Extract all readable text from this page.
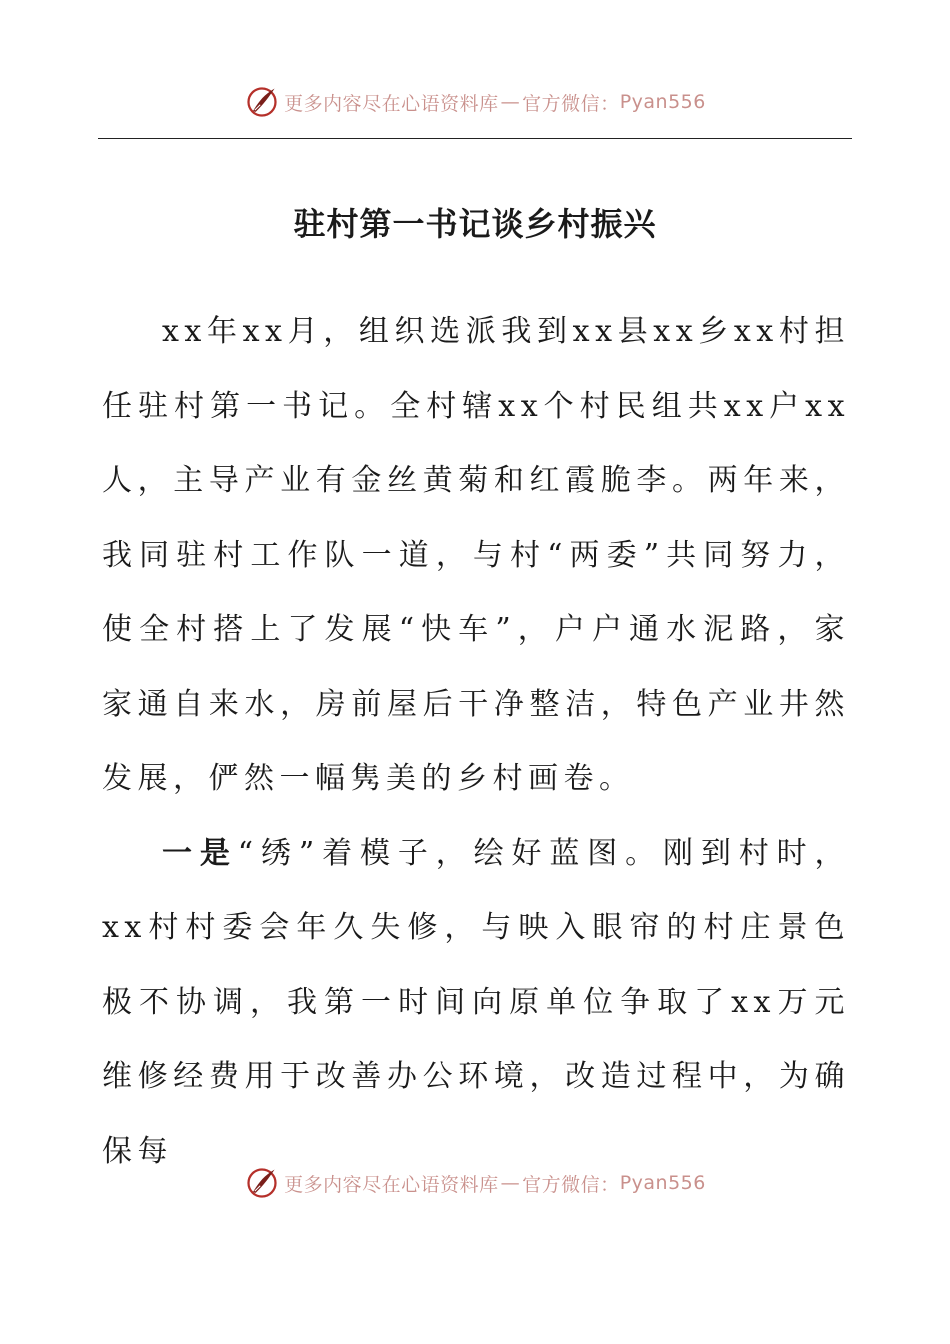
更多内容尽在心语资料库 — 官方微信： Pyan556
驻村第一书记谈乡村振兴

xx年xx月，组织选派我到xx县xx乡xx村担任驻村第一书记。全村辖xx个村民组共xx户xx人，主导产业有金丝黄菊和红霞脆李。两年来，我同驻村工作队一道，与村“两委”共同努力，使全村搭上了发展“快车”，户户通水泥路，家家通自来水，房前屋后干净整洁，特色产业井然发展，俨然一幅隽美的乡村画卷。

一是“绣”着模子，绘好蓝图。刚到村时，xx村村委会年久失修，与映入眼帘的村庄景色极不协调，我第一时间向原单位争取了xx万元维修经费用于改善办公环境，改造过程中，为确保每

更多内容尽在心语资料库 — 官方微信： Pyan556
